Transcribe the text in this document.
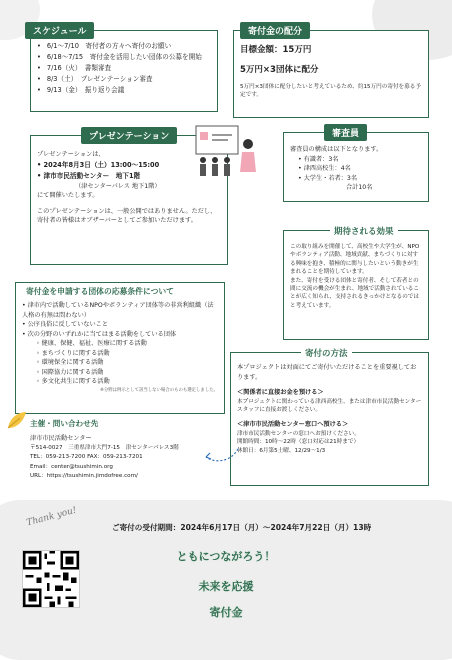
スケジュール
• 6/1～7/10　寄付者の方々へ寄付のお願い
• 6/18～7/15　寄付金を活用したい団体の公募を開始
• 7/16（火）　書類審査
• 8/3（土）　プレゼンテーション審査
• 9/13（金）　振り返り会議
寄付金の配分
目標金額：15万円
5万円×3団体に配分
5万円×3団体に配分したいと考えているため、約15万円の寄付を募る予定です。
プレゼンテーション
プレゼンテーションは、
• 2024年8月3日（土）13:00～15:00
• 津市市民活動センター　地下1階
（津センターパレス 地下1階）
にて開催いたします。
このプレゼンテーションは、一般公開ではありません。ただし、寄付者の皆様はオブザーバーとしてご参加いただけます。
審査員
審査員の構成は以下となります。
• 有識者：3名
• 津西高校生：4名
• 大学生・若者：3名
合計10名
期待される効果
この取り組みを開催して、高校生や大学生が、NPOやボランティア活動、地域貢献、まちづくりに対する興味を抱き、積極的に関与したいという動きが生まれることを期待しています。
また、寄付を受ける団体と寄付者、そして若者との間に交流の機会が生まれ、地域で活動されていることが広く知られ、支持されるきっかけとなるのではと考えています。
寄付金を申請する団体の応募条件について
• 津市内で活動しているNPOやボランティア団体等の非営利組織（法人格の有無は問わない）
• 公序良俗に反していないこと
• 次の分野のいずれかに当てはまる活動をしている団体
◦ 健康、保健、福祉、医療に関する活動
◦ まちづくりに関する活動
◦ 環境保全に関する活動
◦ 国際協力に関する活動
◦ 多文化共生に関する活動
※分野は例示として該当しない場合のものも選定しました。
寄付の方法
本プロジェクトは対面にてご寄付いただけることを重要視しております。
＜関係者に直接お金を預ける＞
本プロジェクトに関わっている津西高校生、または津市市民活動センタースタッフに直接お渡しください。
＜津市市民活動センター窓口へ預ける＞
津市市民活動センターの窓口へお預けください。
開館時間：10時～22時（窓口対応は21時まで）
休館日：6月第5土曜、12/29～1/3
主催・問い合わせ先
津市市民活動センター
〒514-0027　三重県津市大門7-15　津センターパレス3階
TEL：059-213-7200 FAX：059-213-7201
Email：center@tsushimin.org
URL：https://tsushimin.jimdofree.com/
Thank you!	ご寄付の受付期間：2024年6月17日（月）～2024年7月22日（月）13時
ともにつながろう！
未来を応援
寄付金
